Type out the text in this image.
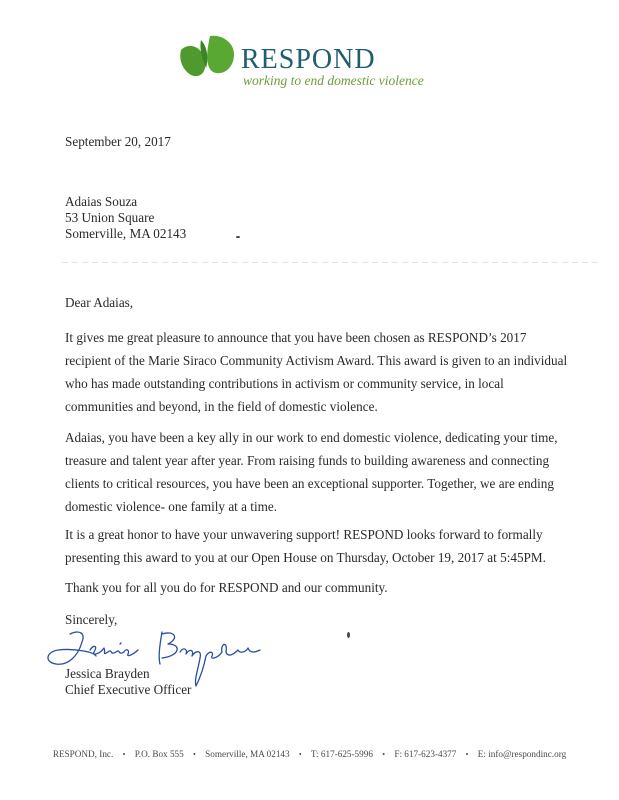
respond
working to end domestic violence
September 20, 2017
Adaias Souza
53 Union Square
Somerville, MA 02143
Dear Adaias,
It gives me great pleasure to announce that you have been chosen as RESPOND’s 2017 recipient of the Marie Siraco Community Activism Award. This award is given to an individual who has made outstanding contributions in activism or community service, in local communities and beyond, in the field of domestic violence.
Adaias, you have been a key ally in our work to end domestic violence, dedicating your time, treasure and talent year after year. From raising funds to building awareness and connecting clients to critical resources, you have been an exceptional supporter. Together, we are ending domestic violence- one family at a time.
It is a great honor to have your unwavering support! RESPOND looks forward to formally presenting this award to you at our Open House on Thursday, October 19, 2017 at 5:45PM.
Thank you for all you do for RESPOND and our community.
Sincerely,
Jessica Brayden
Chief Executive Officer
RESPOND, Inc. • P.O. Box 555 • Somerville, MA 02143 • T: 617-625-5996 • F: 617-623-4377 • E: info@respondinc.org
